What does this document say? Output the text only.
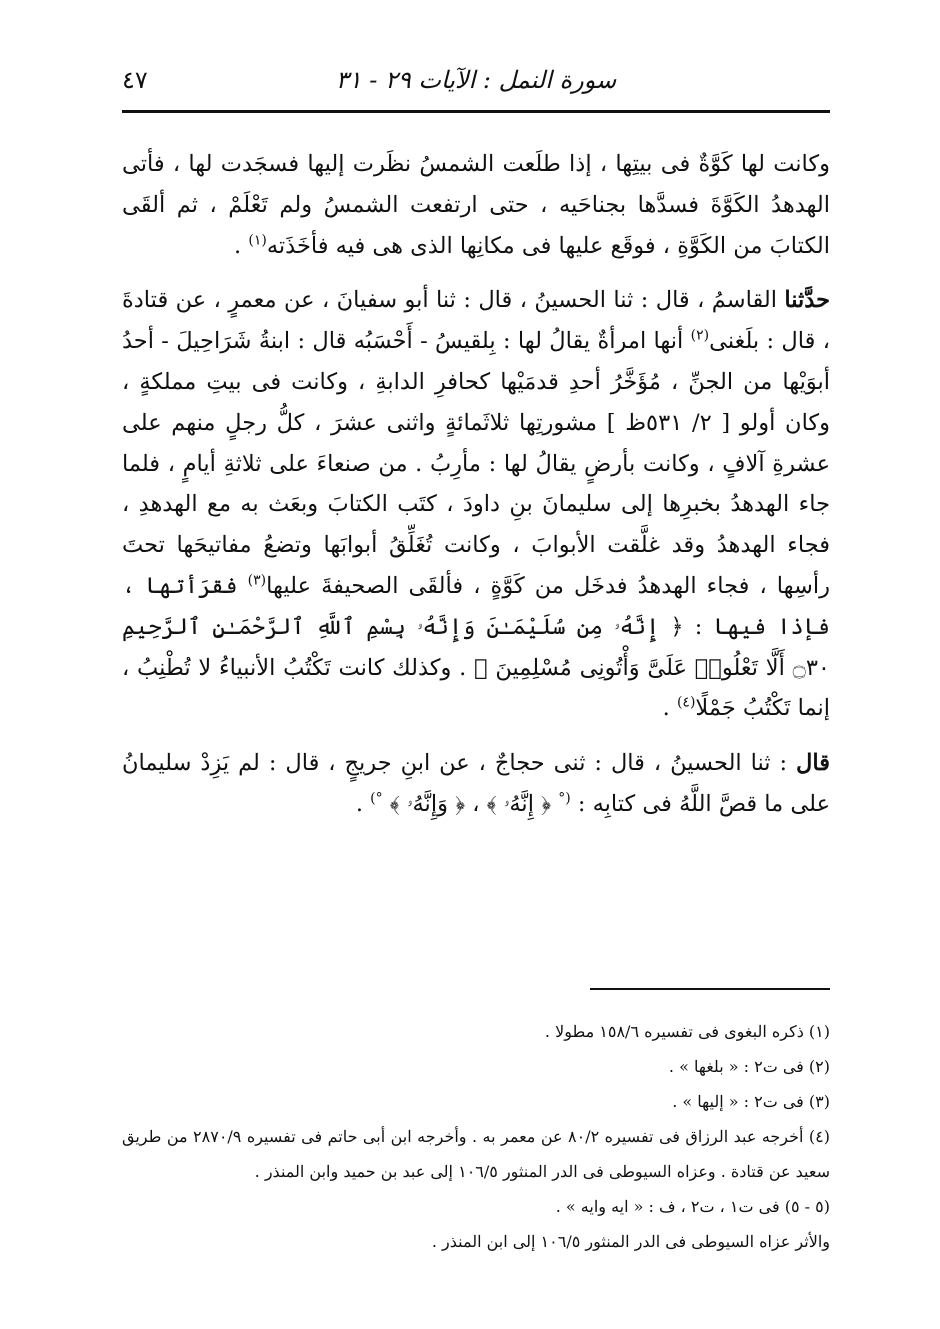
سورة النمل : الآيات ٢٩ - ٣١
٤٧

وكانت لها كَوَّةٌ فى بيتِها ، إذا طلَعت الشمسُ نظَرت إليها فسجَدت لها ، فأتى الهدهدُ الكَوَّةَ فسدَّها بجناحَيه ، حتى ارتفعت الشمسُ ولم تَعْلَمْ ، ثم ألقَى الكتابَ من الكَوَّةِ ، فوقَع عليها فى مكانِها الذى هى فيه فأخَذَته$^{(١)}$ .

حدَّثنا القاسمُ ، قال : ثنا الحسينُ ، قال : ثنا أبو سفيانَ ، عن معمرٍ ، عن قتادةَ ، قال : بلَغنى$^{(٢)}$ أنها امرأةٌ يقالُ لها : بِلقيسُ - أَحْسَبُه قال : ابنةُ شَرَاحِيلَ - أحدُ أبوَيْها من الجنِّ ، مُؤَخَّرُ أحدِ قدمَيْها كحافرِ الدابةِ ، وكانت فى بيتِ مملكةٍ ، وكان أولو [ ٢/ ٥٣١ظ ] مشورتِها ثلاثَمائةٍ واثنى عشرَ ، كلُّ رجلٍ منهم على عشرةِ آلافٍ ، وكانت بأرضٍ يقالُ لها : مأرِبُ . من صنعاءَ على ثلاثةِ أيامٍ ، فلما جاء الهدهدُ بخبرِها إلى سليمانَ بنِ داودَ ، كتَب الكتابَ وبعَث به مع الهدهدِ ، فجاء الهدهدُ وقد غلَّقت الأبوابَ ، وكانت تُغَلِّقُ أبوابَها وتضعُ مفاتيحَها تحتَ رأسِها ، فجاء الهدهدُ فدخَل من كَوَّةٍ ، فألقَى الصحيفةَ عليها$^{(٣)}$ فقرَأتها ، فإذا فيها : ﴿ إِنَّهُۥ مِن سُلَيْمَـٰنَ وَإِنَّهُۥ بِسْمِ ٱللَّهِ ٱلرَّحْمَـٰنِ ٱلرَّحِيمِ ۝٣٠ أَلَّا تَعْلُوا۟ عَلَىَّ وَأْتُونِى مُسْلِمِينَ ﴾ . وكذلك كانت تَكْتُبُ الأنبياءُ لا تُطْنِبُ ، إنما تَكْتُبُ جَمْلًا$^{(٤)}$ .

قال : ثنا الحسينُ ، قال : ثنى حجاجٌ ، عن ابنِ جريجٍ ، قال : لم يَزِدْ سليمانُ على ما قصَّ اللَّهُ فى كتابِه : (° ﴿ إِنَّهُۥ ﴾ ، ﴿ وَإِنَّهُۥ ﴾ °) .

(١) ذكره البغوى فى تفسيره ١٥٨/٦ مطولا .

(٢) فى ت٢ : « بلغها » .

(٣) فى ت٢ : « إليها » .

(٤) أخرجه عبد الرزاق فى تفسيره ٨٠/٢ عن معمر به . وأخرجه ابن أبى حاتم فى تفسيره ٢٨٧٠/٩ من طريق سعيد عن قتادة . وعزاه السيوطى فى الدر المنثور ١٠٦/٥ إلى عبد بن حميد وابن المنذر .

(٥ - ٥) فى ت١ ، ت٢ ، ف : « ايه وايه » .

والأثر عزاه السيوطى فى الدر المنثور ١٠٦/٥ إلى ابن المنذر .
